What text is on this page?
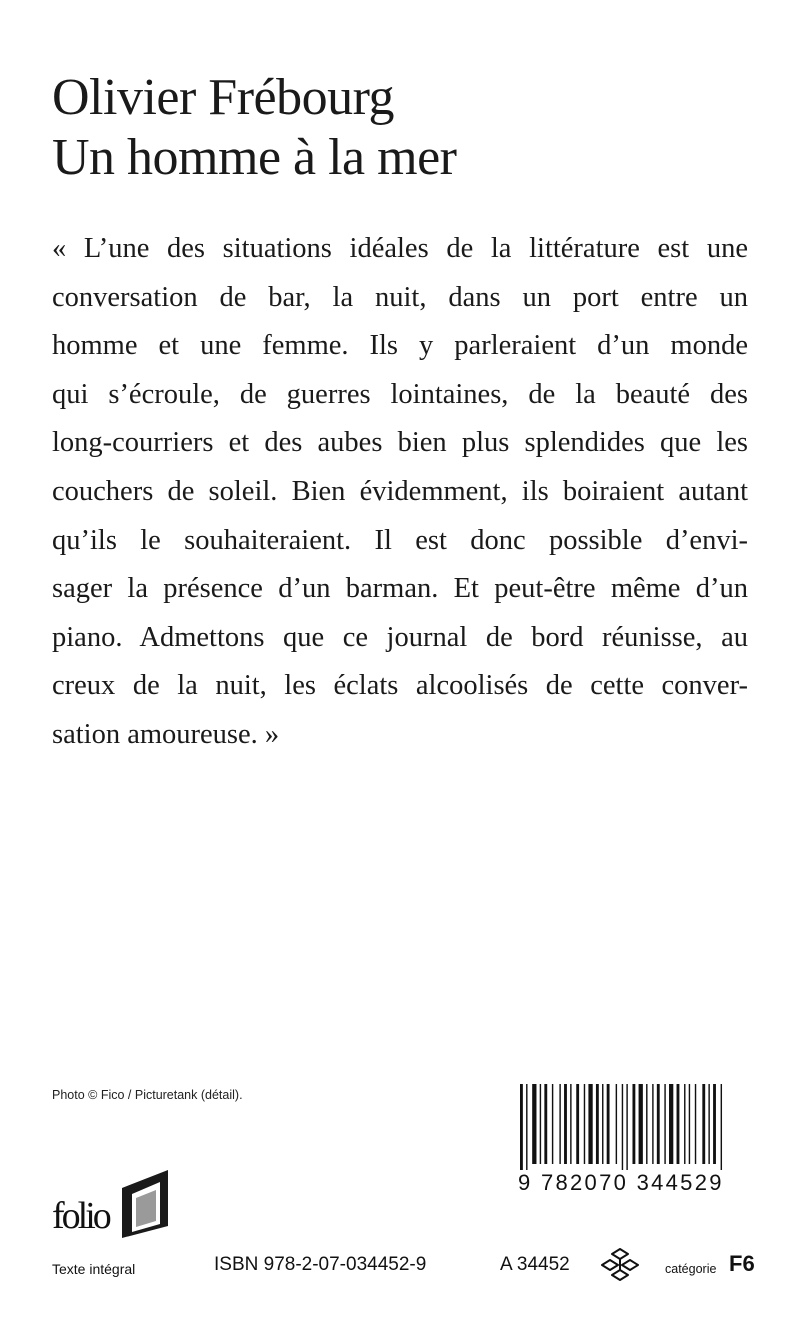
Olivier Frébourg
Un homme à la mer
« L’une des situations idéales de la littérature est une
conversation de bar, la nuit, dans un port entre un
homme et une femme. Ils y parleraient d’un monde
qui s’écroule, de guerres lointaines, de la beauté des
long-courriers et des aubes bien plus splendides que les
couchers de soleil. Bien évidemment, ils boiraient autant
qu’ils le souhaiteraient. Il est donc possible d’envi-
sager la présence d’un barman. Et peut-être même d’un
piano. Admettons que ce journal de bord réunisse, au
creux de la nuit, les éclats alcoolisés de cette conver-
sation amoureuse. »
Photo © Fico / Picturetank (détail).
9 782070 344529
folio
Texte intégral	ISBN 978-2-07-034452-9	A 34452	catégorie F6
